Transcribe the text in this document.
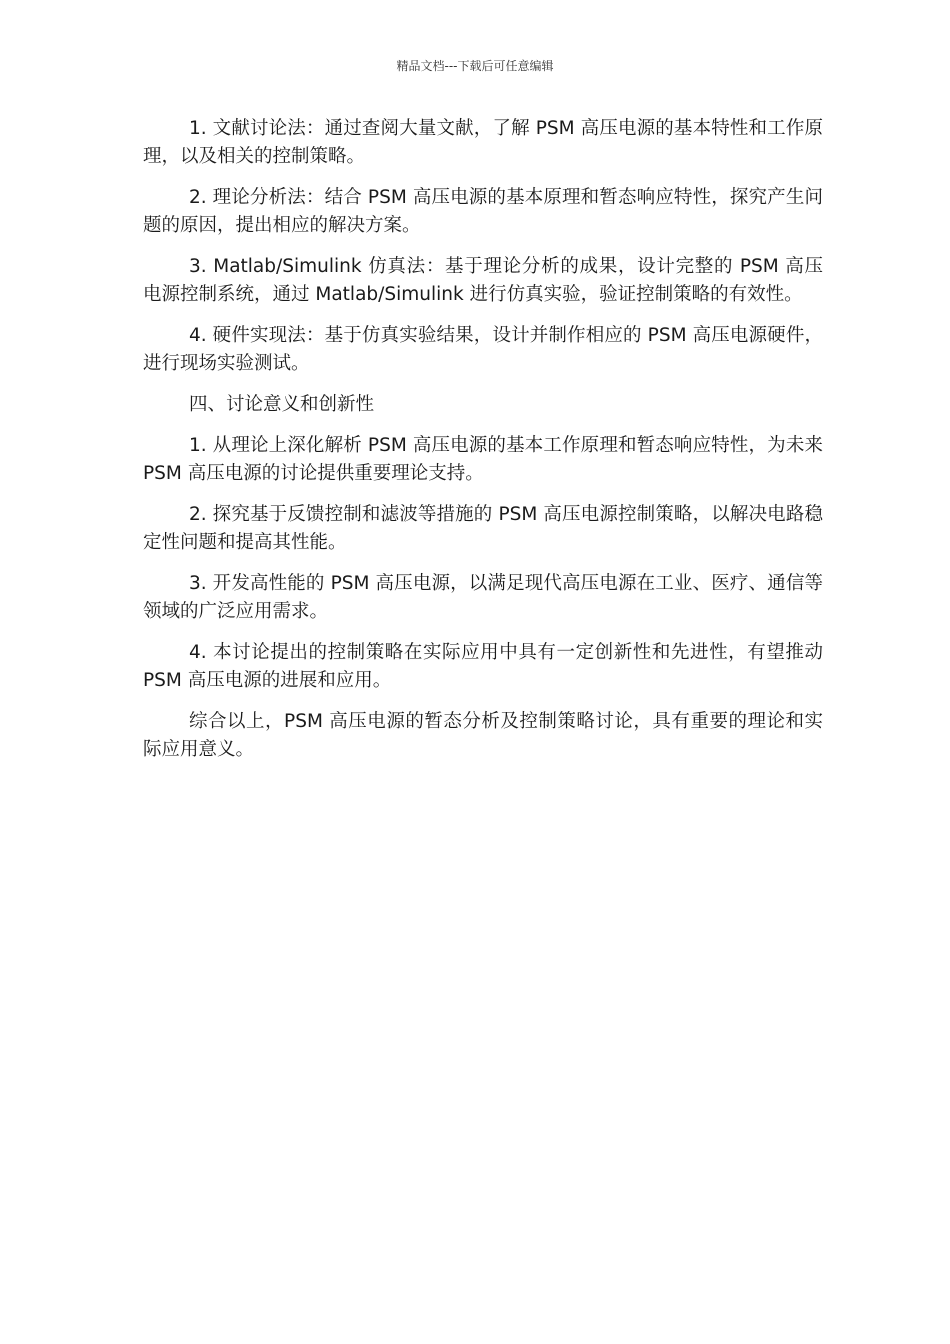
精品文档---下载后可任意编辑

1. 文献讨论法：通过查阅大量文献，了解 PSM 高压电源的基本特性和工作原理，以及相关的控制策略。

2. 理论分析法：结合 PSM 高压电源的基本原理和暂态响应特性，探究产生问题的原因，提出相应的解决方案。

3. Matlab/Simulink 仿真法：基于理论分析的成果，设计完整的 PSM 高压电源控制系统，通过 Matlab/Simulink 进行仿真实验，验证控制策略的有效性。

4. 硬件实现法：基于仿真实验结果，设计并制作相应的 PSM 高压电源硬件，进行现场实验测试。

四、讨论意义和创新性

1. 从理论上深化解析 PSM 高压电源的基本工作原理和暂态响应特性，为未来 PSM 高压电源的讨论提供重要理论支持。

2. 探究基于反馈控制和滤波等措施的 PSM 高压电源控制策略，以解决电路稳定性问题和提高其性能。

3. 开发高性能的 PSM 高压电源，以满足现代高压电源在工业、医疗、通信等领域的广泛应用需求。

4. 本讨论提出的控制策略在实际应用中具有一定创新性和先进性，有望推动 PSM 高压电源的进展和应用。

综合以上，PSM 高压电源的暂态分析及控制策略讨论，具有重要的理论和实际应用意义。
